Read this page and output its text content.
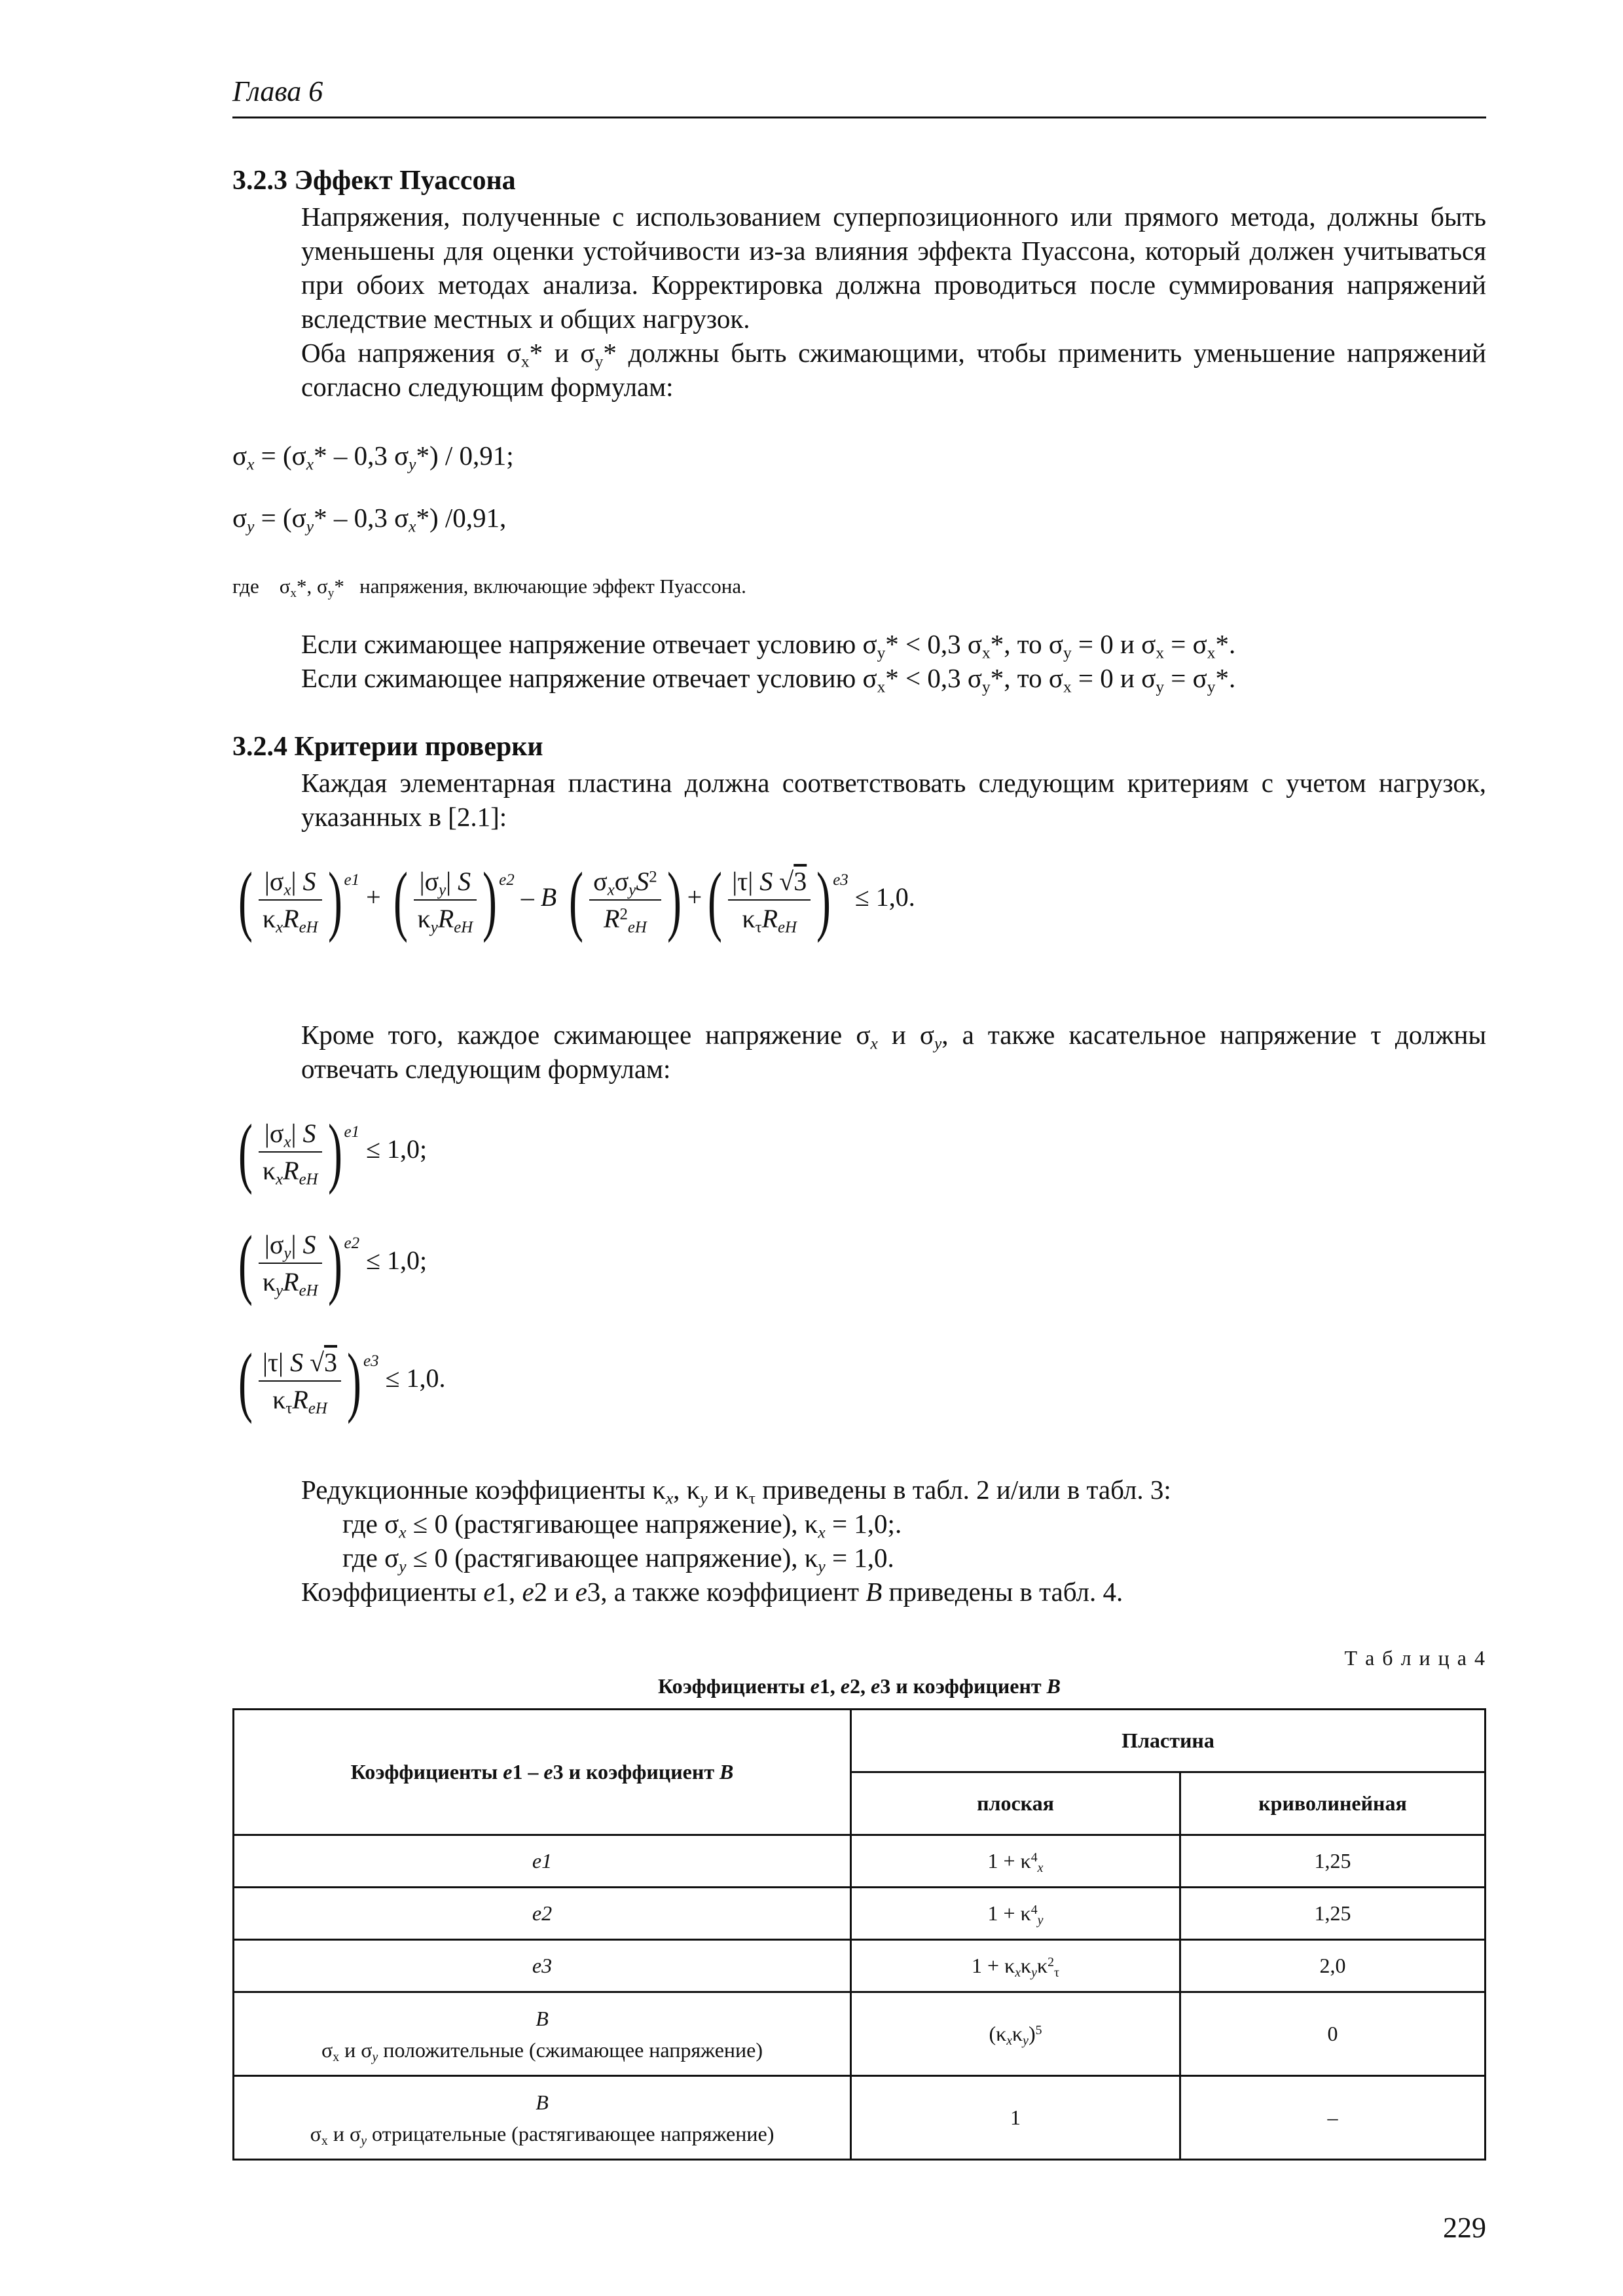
Глава 6
3.2.3 Эффект Пуассона
Напряжения, полученные с использованием суперпозиционного или прямого метода, должны быть уменьшены для оценки устойчивости из-за влияния эффекта Пуассона, который должен учитываться при обоих методах анализа. Корректировка должна проводиться после суммирования напряжений вследствие местных и общих нагрузок.
Оба напряжения $\sigma_x*$ и $\sigma_y*$ должны быть сжимающими, чтобы применить уменьшение напряжений согласно следующим формулам:
$\sigma_x = (\sigma_x* - 0,3$ $\sigma_y*) / 0,91$;
$\sigma_y = (\sigma_y* - 0,3$ $\sigma_x*$) /0,91,
где    $\sigma_x*$, $\sigma_y*$   напряжения, включающие эффект Пуассона.
Если сжимающее напряжение отвечает условию $\sigma_y* < 0,3$ $\sigma_x*$, то $\sigma_y = 0$ и $\sigma_x = \sigma_x*$.
Если сжимающее напряжение отвечает условию $\sigma_x* < 0,3$ $\sigma_y*$, то $\sigma_x = 0$ и $\sigma_y = \sigma_y*$.
3.2.4 Критерии проверки
Каждая элементарная пластина должна соответствовать следующим критериям с учетом нагрузок, указанных в [2.1]:
( $\frac{|\sigma_x| S}{\kappa_xR_{eH}}$ ) $^{e1}$ + ( $\frac{|\sigma_y| S}{\kappa_yR_{eH}}$ ) $^{e2}$ – B ( $\frac{\sigma_x\sigma_yS^2}{R^2_{eH}}$ ) +( $\frac{|\tau| S √3}{\kappa_\tau R_{eH}}$ ) $^{e3}$ ≤ 1,0.
Кроме того, каждое сжимающее напряжение $\sigma_x$ и $\sigma_y$, а также касательное напряжение τ должны отвечать следующим формулам:
( $\frac{|\sigma_x| S}{\kappa_xR_{eH}}$ ) $^{e1}$ ≤ 1,0;
( $\frac{|\sigma_y| S}{\kappa_yR_{eH}}$ ) $^{e2}$ ≤ 1,0;
( $\frac{|\tau| S √3}{\kappa_\tau R_{eH}}$ ) $^{e3}$ ≤ 1,0.
Редукционные коэффициенты $\kappa_x$, $\kappa_y$ и $\kappa_\tau$ приведены в табл. 2 и/или в табл. 3:
где $\sigma_x \le 0$ (растягивающее напряжение), $\kappa_x = 1,0$;.
где $\sigma_y \le 0$ (растягивающее напряжение), $\kappa_y = 1,0$.
Коэффициенты e1, e2 и e3, а также коэффициент B приведены в табл. 4.
Т а б л и ц а 4
Коэффициенты e1, e2, e3 и коэффициент B
Коэффициенты e1 – e3 и коэффициент B	Пластина	
	плоская	криволинейная
e1	$1 + \kappa^4_x$	1,25
e2	$1 + \kappa^4_y$	1,25
e3	$1 + \kappa_x\kappa_y\kappa^2_\tau$	2,0
B
$\sigma_x$ и $\sigma_y$ положительные (сжимающее напряжение)	$(\kappa_x\kappa_y)^5$	0
B
$\sigma_x$ и $\sigma_y$ отрицательные (растягивающее напряжение)	1	–
229
